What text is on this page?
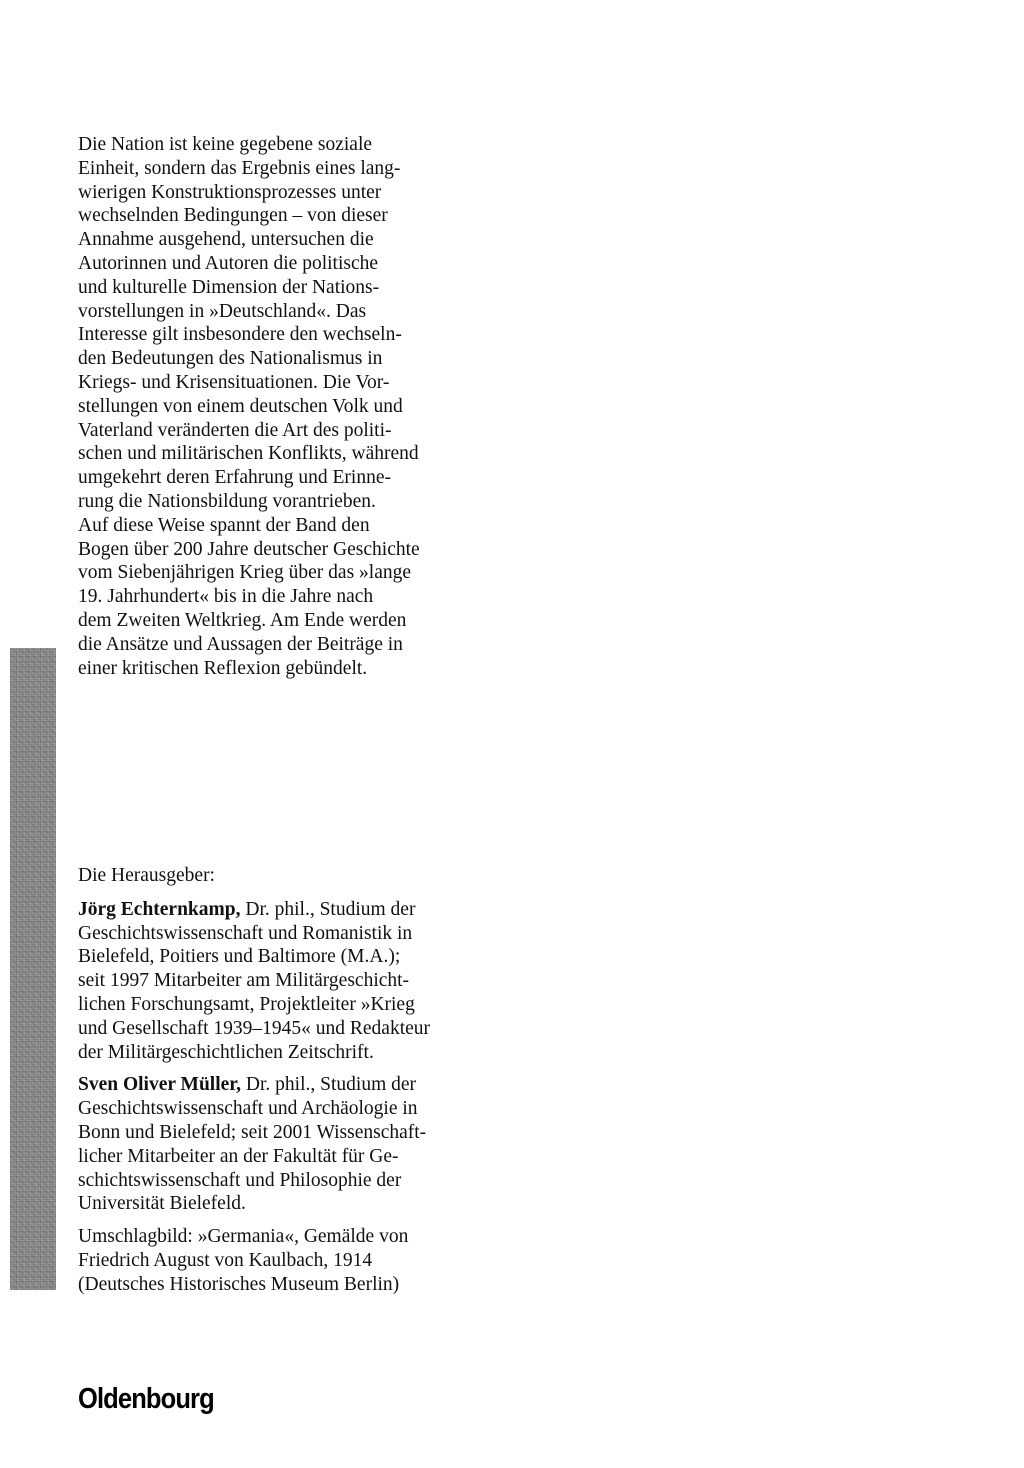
Die Nation ist keine gegebene soziale
Einheit, sondern das Ergebnis eines lang-
wierigen Konstruktionsprozesses unter
wechselnden Bedingungen – von dieser
Annahme ausgehend, untersuchen die
Autorinnen und Autoren die politische
und kulturelle Dimension der Nations-
vorstellungen in »Deutschland«. Das
Interesse gilt insbesondere den wechseln-
den Bedeutungen des Nationalismus in
Kriegs- und Krisensituationen. Die Vor-
stellungen von einem deutschen Volk und
Vaterland veränderten die Art des politi-
schen und militärischen Konflikts, während
umgekehrt deren Erfahrung und Erinne-
rung die Nationsbildung vorantrieben.
Auf diese Weise spannt der Band den
Bogen über 200 Jahre deutscher Geschichte
vom Siebenjährigen Krieg über das »lange
19. Jahrhundert« bis in die Jahre nach
dem Zweiten Weltkrieg. Am Ende werden
die Ansätze und Aussagen der Beiträge in
einer kritischen Reflexion gebündelt.
Die Herausgeber:
Jörg Echternkamp, Dr. phil., Studium der
Geschichtswissenschaft und Romanistik in
Bielefeld, Poitiers und Baltimore (M.A.);
seit 1997 Mitarbeiter am Militärgeschicht-
lichen Forschungsamt, Projektleiter »Krieg
und Gesellschaft 1939–1945« und Redakteur
der Militärgeschichtlichen Zeitschrift.
Sven Oliver Müller, Dr. phil., Studium der
Geschichtswissenschaft und Archäologie in
Bonn und Bielefeld; seit 2001 Wissenschaft-
licher Mitarbeiter an der Fakultät für Ge-
schichtswissenschaft und Philosophie der
Universität Bielefeld.
Umschlagbild: »Germania«, Gemälde von
Friedrich August von Kaulbach, 1914
(Deutsches Historisches Museum Berlin)
Oldenbourg
